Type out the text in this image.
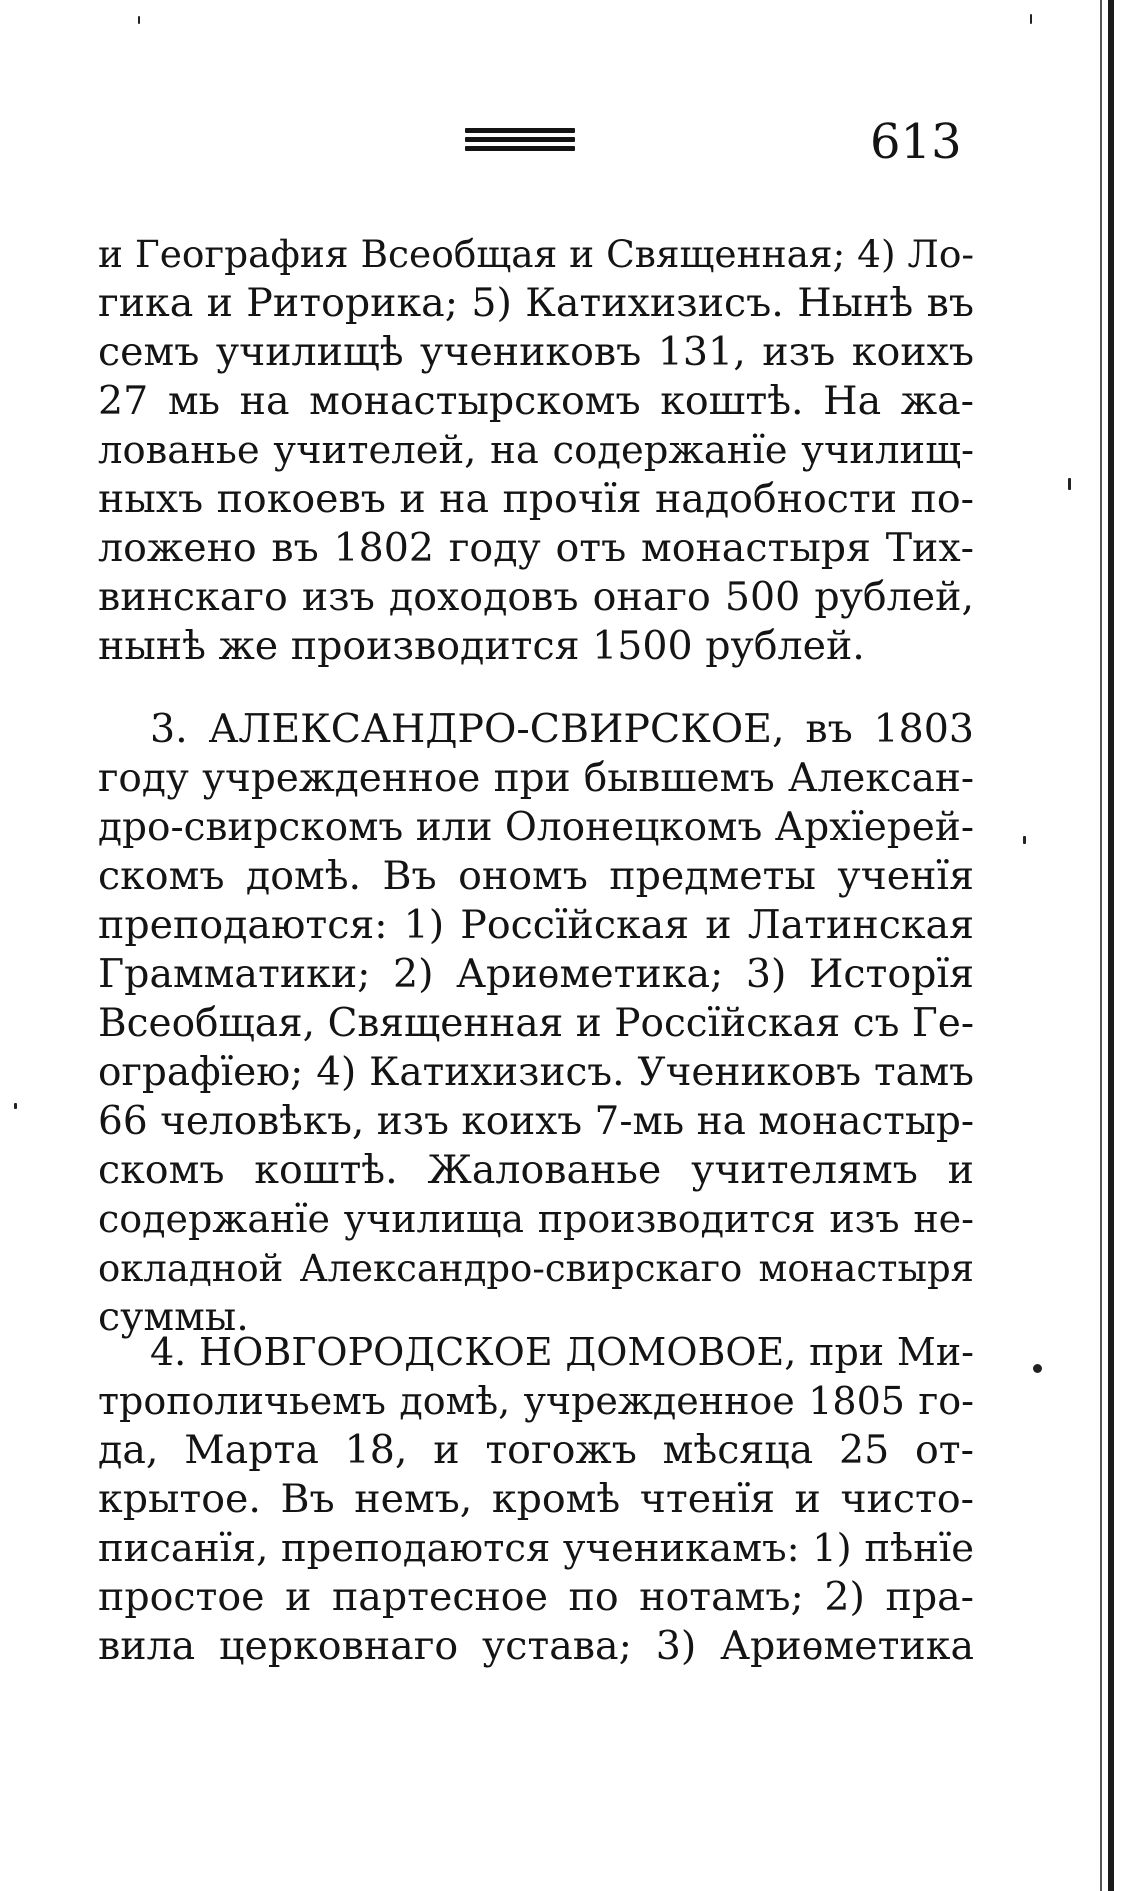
613
и География Всеобщая и Священная; 4) Ло-
гика и Риторика; 5) Катихизисъ. Нынѣ въ
семъ училищѣ учениковъ 131, изъ коихъ
27 мь на монастырскомъ коштѣ. На жа-
лованье учителей, на содержанїе училищ-
ныхъ покоевъ и на прочїя надобности по-
ложено въ 1802 году отъ монастыря Тих-
винскаго изъ доходовъ онаго 500 рублей,
нынѣ же производится 1500 рублей.
3. АЛЕКСАНДРО-СВИРСКОЕ, въ 1803
году учрежденное при бывшемъ Алексан-
дро-свирскомъ или Олонецкомъ Архїерей-
скомъ домѣ. Въ ономъ предметы ученїя
преподаются: 1) Россїйская и Латинская
Грамматики; 2) Ариѳметика; 3) Исторїя
Всеобщая, Священная и Россїйская съ Ге-
ографїею; 4) Катихизисъ. Учениковъ тамъ
66 человѣкъ, изъ коихъ 7-мь на монастыр-
скомъ коштѣ. Жалованье учителямъ и
содержанїе училища производится изъ не-
окладной Александро-свирскаго монастыря
суммы.
4. НОВГОРОДСКОЕ ДОМОВОЕ, при Ми-
трополичьемъ домѣ, учрежденное 1805 го-
да, Марта 18, и тогожъ мѣсяца 25 от-
крытое. Въ немъ, кромѣ чтенїя и чисто-
писанїя, преподаются ученикамъ: 1) пѣнїе
простое и партесное по нотамъ; 2) пра-
вила церковнаго устава; 3) Ариѳметика
